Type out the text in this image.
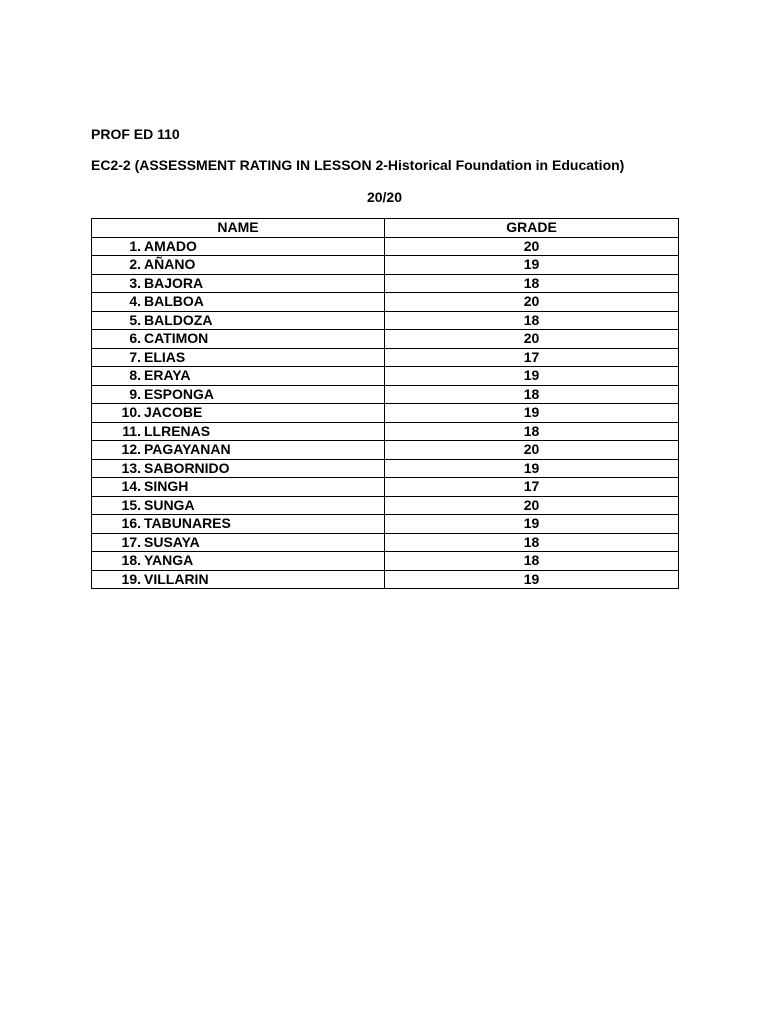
PROF ED 110

EC2-2 (ASSESSMENT RATING IN LESSON 2-Historical Foundation in Education)

20/20

NAME	GRADE
1. AMADO	20
2. AÑANO	19
3. BAJORA	18
4. BALBOA	20
5. BALDOZA	18
6. CATIMON	20
7. ELIAS	17
8. ERAYA	19
9. ESPONGA	18
10. JACOBE	19
11. LLRENAS	18
12. PAGAYANAN	20
13. SABORNIDO	19
14. SINGH	17
15. SUNGA	20
16. TABUNARES	19
17. SUSAYA	18
18. YANGA	18
19. VILLARIN	19
